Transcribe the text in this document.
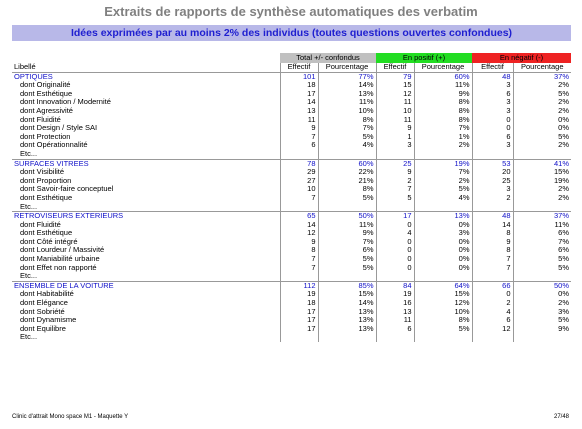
Extraits de rapports de synthèse automatiques des verbatim
Idées exprimées par au moins 2% des individus (toutes questions ouvertes confondues)
	Total +/- confondus		En positif (+)		En négatif (-)	
Libellé	Effectif	Pourcentage	Effectif	Pourcentage	Effectif	Pourcentage
OPTIQUES	101	77%	79	60%	48	37%
dont Originalité	18	14%	15	11%	3	2%
dont Esthétique	17	13%	12	9%	6	5%
dont Innovation / Modernité	14	11%	11	8%	3	2%
dont Agressivité	13	10%	10	8%	3	2%
dont Fluidité	11	8%	11	8%	0	0%
dont Design / Style SAI	9	7%	9	7%	0	0%
dont Protection	7	5%	1	1%	6	5%
dont Opérationnalité	6	4%	3	2%	3	2%
Etc...						
SURFACES VITREES	78	60%	25	19%	53	41%
dont Visibilité	29	22%	9	7%	20	15%
dont Proportion	27	21%	2	2%	25	19%
dont Savoir-faire conceptuel	10	8%	7	5%	3	2%
dont Esthétique	7	5%	5	4%	2	2%
Etc...						
RETROVISEURS EXTERIEURS	65	50%	17	13%	48	37%
dont Fluidité	14	11%	0	0%	14	11%
dont Esthétique	12	9%	4	3%	8	6%
dont Côté intégré	9	7%	0	0%	9	7%
dont Lourdeur / Massivité	8	6%	0	0%	8	6%
dont Maniabilité urbaine	7	5%	0	0%	7	5%
dont Effet non rapporté	7	5%	0	0%	7	5%
Etc...						
ENSEMBLE DE LA VOITURE	112	85%	84	64%	66	50%
dont Habitabilité	19	15%	19	15%	0	0%
dont Elégance	18	14%	16	12%	2	2%
dont Sobriété	17	13%	13	10%	4	3%
dont Dynamisme	17	13%	11	8%	6	5%
dont Equilibre	17	13%	6	5%	12	9%
Etc...						
Clinic d'attrait Mono space M1 - Maquette Y	27/48
